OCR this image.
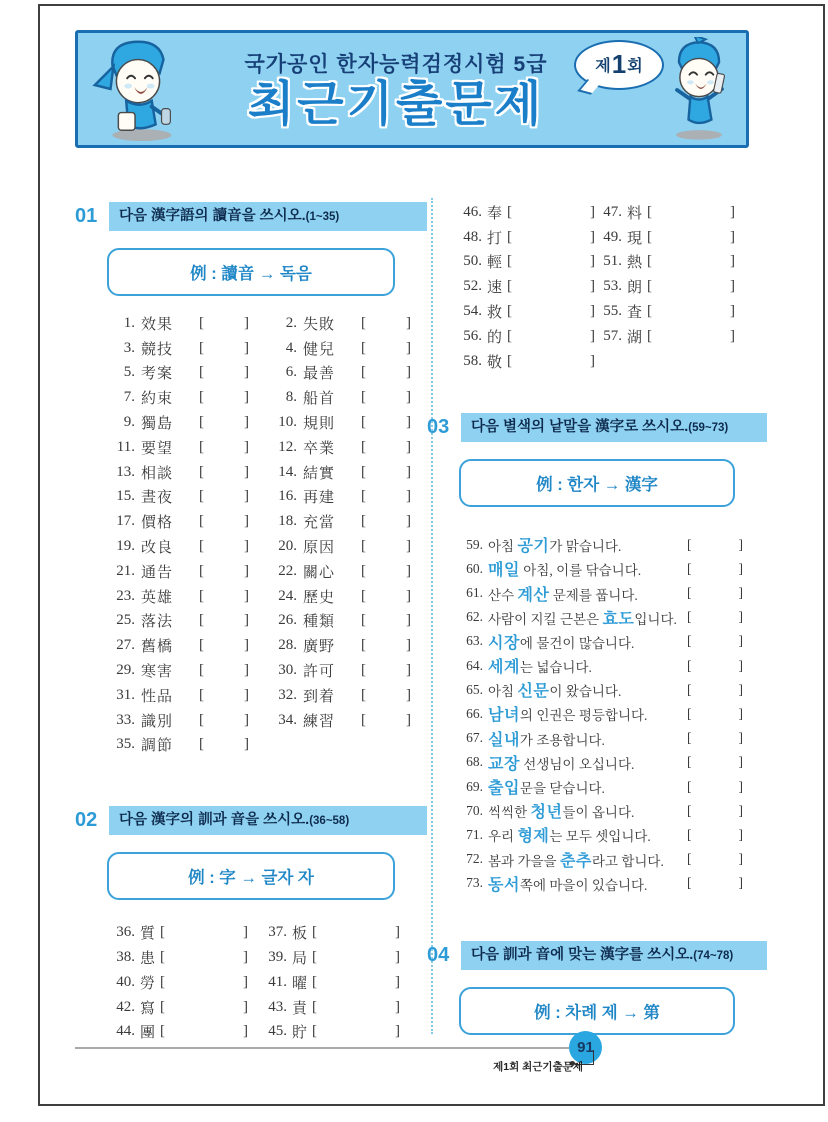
국가공인 한자능력검정시험 5급
최근기출문제
제 1 회
01	다음 漢字語의 讀音을 쓰시오.(1~35)
例 : 讀音 → 독음
1. 效果	[	]	2. 失敗	[	]
3. 競技	[	]	4. 健兒	[	]
5. 考案	[	]	6. 最善	[	]
7. 約束	[	]	8. 船首	[	]
9. 獨島	[	]	10. 規則	[	]
11. 要望	[	]	12. 卒業	[	]
13. 相談	[	]	14. 結實	[	]
15. 晝夜	[	]	16. 再建	[	]
17. 價格	[	]	18. 充當	[	]
19. 改良	[	]	20. 原因	[	]
21. 通告	[	]	22. 關心	[	]
23. 英雄	[	]	24. 歷史	[	]
25. 落法	[	]	26. 種類	[	]
27. 舊橋	[	]	28. 廣野	[	]
29. 寒害	[	]	30. 許可	[	]
31. 性品	[	]	32. 到着	[	]
33. 識別	[	]	34. 練習	[	]
35. 調節	[	]
02	다음 漢字의 訓과 音을 쓰시오.(36~58)
例 : 字 → 글자 자
36. 質 [	]	37. 板 [	]
38. 患 [	]	39. 局 [	]
40. 勞 [	]	41. 曜 [	]
42. 寫 [	]	43. 責 [	]
44. 團 [	]	45. 貯 [	]
46. 奉 [	] 47. 料 [	]
48. 打 [	] 49. 現 [	]
50. 輕 [	] 51. 熱 [	]
52. 速 [	] 53. 朗 [	]
54. 救 [	] 55. 査 [	]
56. 的 [	] 57. 湖 [	]
58. 敬 [	]
03	다음 별색의 낱말을 漢字로 쓰시오.(59~73)
例 : 한자 → 漢字
59. 아침 공기가 맑습니다.	[	]
60. 매일 아침, 이를 닦습니다.	[	]
61. 산수 계산 문제를 풉니다.	[	]
62. 사람이 지킬 근본은 효도입니다. [	]
63. 시장에 물건이 많습니다.	[	]
64. 세계는 넓습니다.	[	]
65. 아침 신문이 왔습니다.	[	]
66. 남녀의 인권은 평등합니다.	[	]
67. 실내가 조용합니다.	[	]
68. 교장 선생님이 오십니다.	[	]
69. 출입문을 닫습니다.	[	]
70. 씩씩한 청년들이 옵니다.	[	]
71. 우리 형제는 모두 셋입니다.	[	]
72. 봄과 가을을 춘추라고 합니다.	[	]
73. 동서쪽에 마을이 있습니다.	[	]
04	다음 訓과 音에 맞는 漢字를 쓰시오.(74~78)
例 : 차례 제 → 第
91
제1회 최근기출문제
